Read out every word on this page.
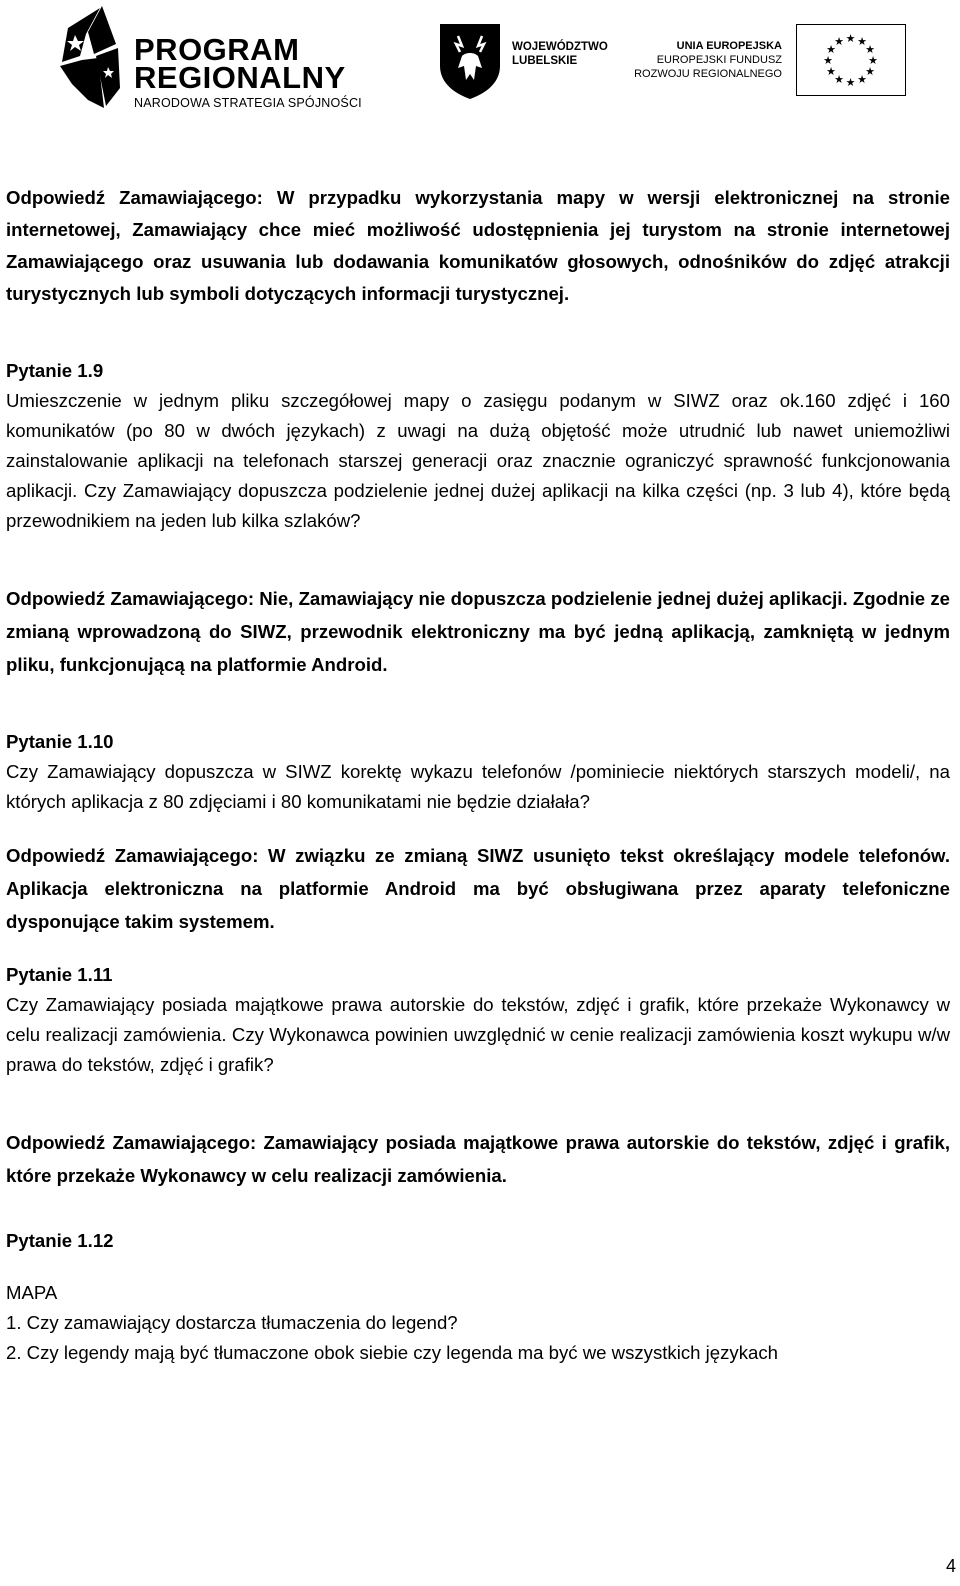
PROGRAM
REGIONALNY
NARODOWA STRATEGIA SPÓJNOŚCI
WOJEWÓDZTWO
LUBELSKIE
UNIA EUROPEJSKA
EUROPEJSKI FUNDUSZ
ROZWOJU REGIONALNEGO
★ ★
★
★
★
★
★
★
★
★
★
★

Odpowiedź Zamawiającego: W przypadku wykorzystania mapy w wersji elektronicznej na stronie internetowej, Zamawiający chce mieć możliwość udostępnienia jej turystom na stronie internetowej Zamawiającego oraz usuwania lub dodawania komunikatów głosowych, odnośników do zdjęć atrakcji turystycznych lub symboli dotyczących informacji turystycznej.

Pytanie 1.9

Umieszczenie w jednym pliku szczegółowej mapy o zasięgu podanym w SIWZ oraz ok.160 zdjęć i 160 komunikatów (po 80 w dwóch językach) z uwagi na dużą objętość może utrudnić lub nawet uniemożliwi zainstalowanie aplikacji na telefonach starszej generacji oraz znacznie ograniczyć sprawność funkcjonowania aplikacji. Czy Zamawiający dopuszcza podzielenie jednej dużej aplikacji na kilka części (np. 3 lub 4), które będą przewodnikiem na jeden lub kilka szlaków?

Odpowiedź Zamawiającego: Nie, Zamawiający nie dopuszcza podzielenie jednej dużej aplikacji. Zgodnie ze zmianą wprowadzoną do SIWZ, przewodnik elektroniczny ma być jedną aplikacją, zamkniętą w jednym pliku, funkcjonującą na platformie Android.

Pytanie 1.10

Czy Zamawiający dopuszcza w SIWZ korektę wykazu telefonów /pominiecie niektórych starszych modeli/, na których aplikacja z 80 zdjęciami i 80 komunikatami nie będzie działała?

Odpowiedź Zamawiającego: W związku ze zmianą SIWZ usunięto tekst określający modele telefonów. Aplikacja elektroniczna na platformie Android ma być obsługiwana przez aparaty telefoniczne dysponujące takim systemem.

Pytanie 1.11

Czy Zamawiający posiada majątkowe prawa autorskie do tekstów, zdjęć i grafik, które przekaże Wykonawcy w celu realizacji zamówienia. Czy Wykonawca powinien uwzględnić w cenie realizacji zamówienia koszt wykupu w/w prawa do tekstów, zdjęć i grafik?

Odpowiedź Zamawiającego: Zamawiający posiada majątkowe prawa autorskie do tekstów, zdjęć i grafik, które przekaże Wykonawcy w celu realizacji zamówienia.

Pytanie 1.12

MAPA

1. Czy zamawiający dostarcza tłumaczenia do legend?

2. Czy legendy mają być tłumaczone obok siebie czy legenda ma być we wszystkich językach

4
